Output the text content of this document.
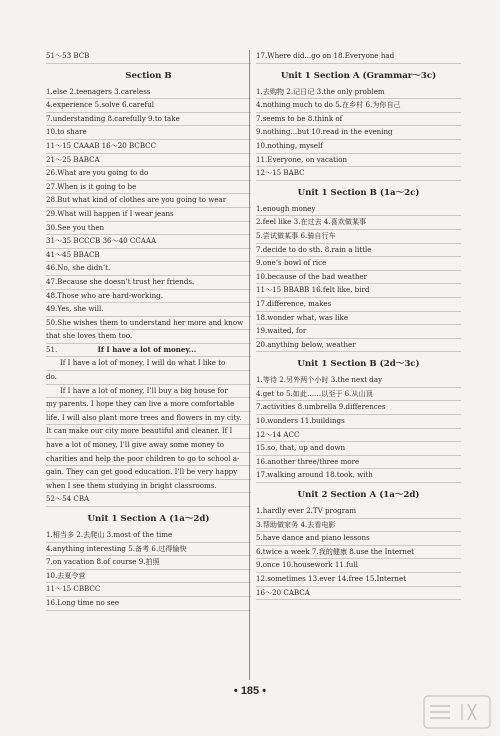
51～53 BCB
Section B
1.else 2.teenagers 3.careless
4.experience 5.solve 6.careful
7.understanding 8.carefully 9.to take
10.to share
11～15 CAAAB 16～20 BCBCC
21～25 BABCA
26.What are you going to do
27.When is it going to be
28.But what kind of clothes are you going to wear
29.What will happen if I wear jeans
30.See you then
31～35 BCCCB 36～40 CCAAA
41～45 BBACB
46.No, she didn’t.
47.Because she doesn’t trust her friends.
48.Those who are hard-working.
49.Yes, she will.
50.She wishes them to understand her more and know
that she loves them too.
51.	If I have a lot of money...
If I have a lot of money, I will do what I like to
do.
If I have a lot of money, I’ll buy a big house for
my parents. I hope they can live a more comfortable
life. I will also plant more trees and flowers in my city.
It can make our city more beautiful and cleaner. If I
have a lot of money, I’ll give away some money to
charities and help the poor children to go to school a-
gain. They can get good education. I’ll be very happy
when I see them studying in bright classrooms.
52～54 CBA
Unit 1 Section A (1a～2d)
1.相当多 2.去爬山 3.most of the time
4.anything interesting 5.备考 6.过得愉快
7.on vacation 8.of course 9.拍照
10.去夏令营
11～15 CBBCC
16.Long time no see
17.Where did...go on 18.Everyone had
Unit 1 Section A (Grammar～3c)
1.去购物 2.记日记 3.the only problem
4.nothing much to do 5.在乡村 6.为你自己
7.seems to be 8.think of
9.nothing...but 10.read in the evening
10.nothing, myself
11.Everyone, on vacation
12～15 BABC
Unit 1 Section B (1a～2c)
1.enough money
2.feel like 3.在过去 4.喜欢做某事
5.尝试做某事 6.骑自行车
7.decide to do sth. 8.rain a little
9.one’s bowl of rice
10.because of the bad weather
11～15 BBABB 16.felt like, bird
17.difference, makes
18.wonder what, was like
19.waited, for
20.anything below, weather
Unit 1 Section B (2d～3c)
1.等待 2.另外两个小时 3.the next day
4.get to 5.如此……以至于 6.从山顶
7.activities 8.umbrella 9.differences
10.wonders 11.buildings
12～14 ACC
15.so, that, up and down
16.another three/three more
17.walking around 18.took, with
Unit 2 Section A (1a～2d)
1.hardly ever 2.TV program
3.帮助做家务 4.去看电影
5.have dance and piano lessons
6.twice a week 7.我的健康 8.use the Internet
9.once 10.housework 11.full
12.sometimes 13.ever 14.free 15.Internet
16～20 CABCA
• 185 •
